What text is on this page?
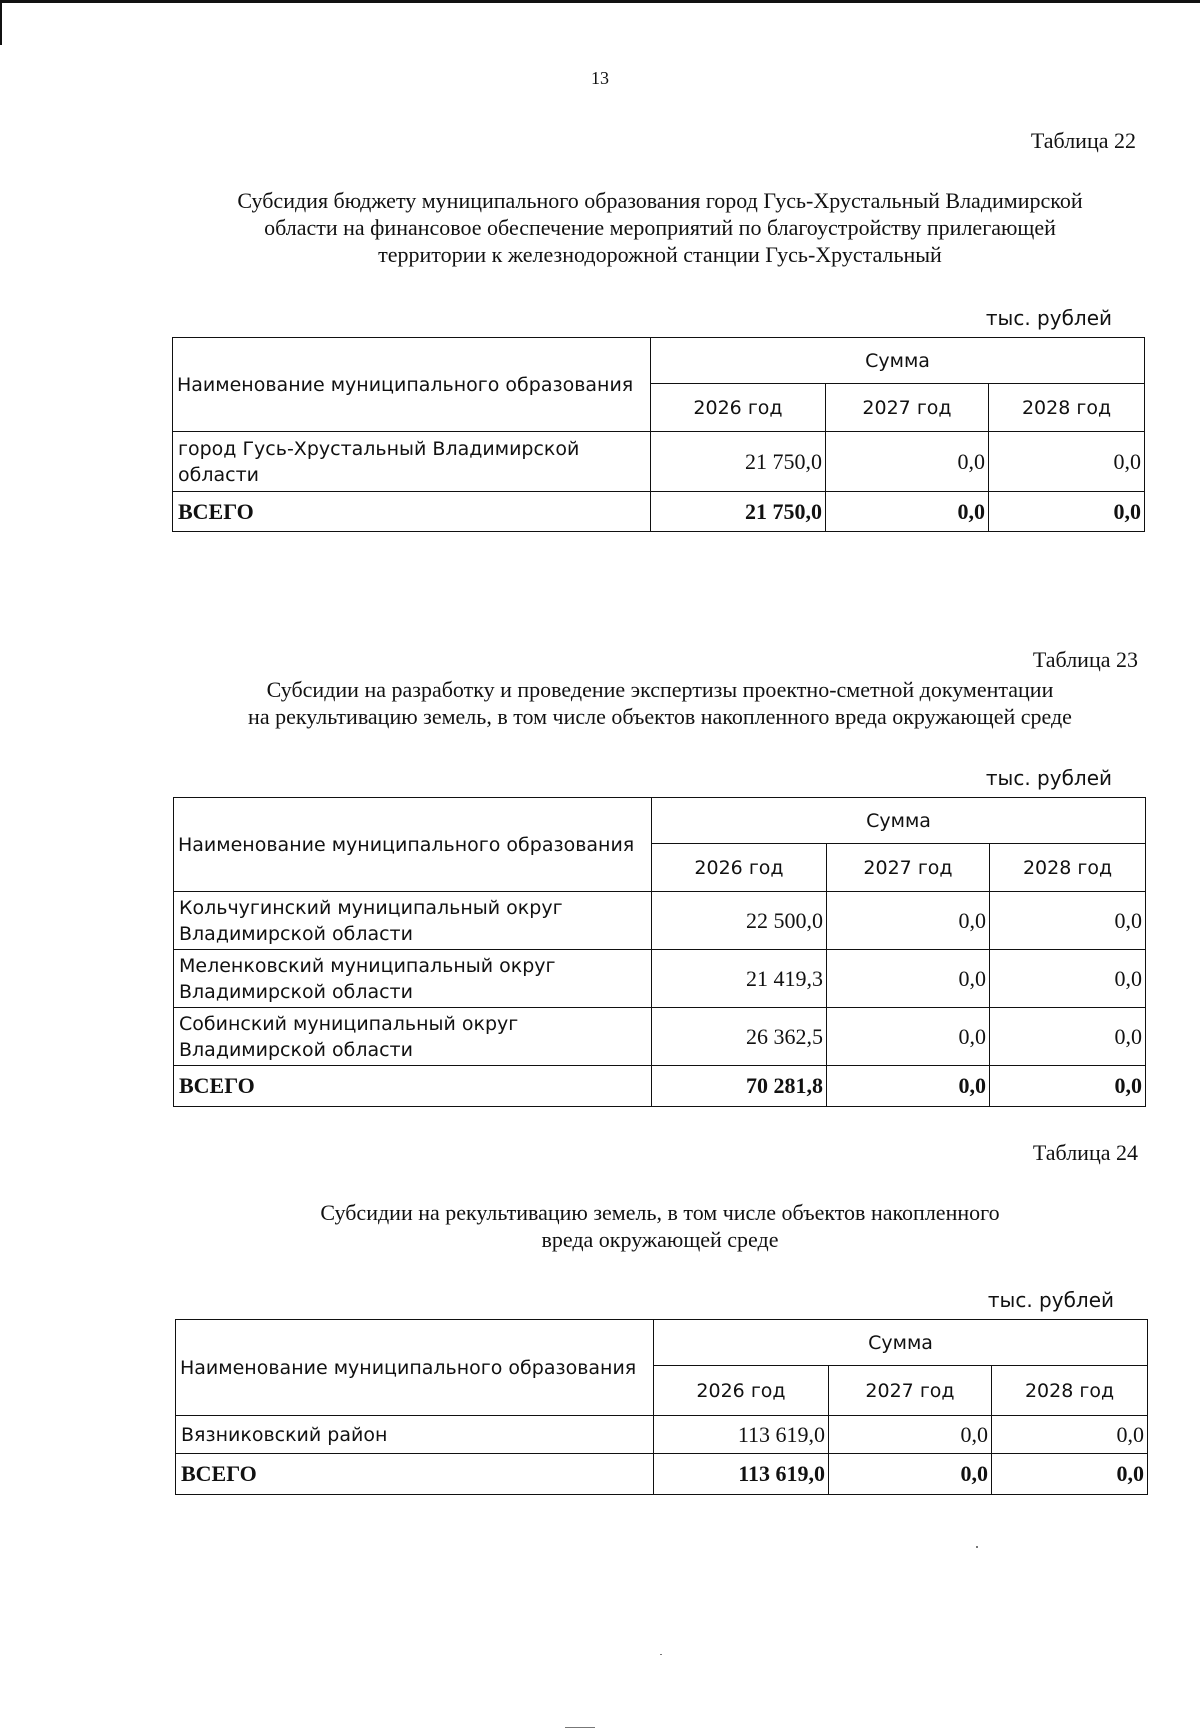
13
Таблица 22
Субсидия бюджету муниципального образования город Гусь-Хрустальный Владимирской
области на финансовое обеспечение мероприятий по благоустройству прилегающей
территории к железнодорожной станции Гусь-Хрустальный
тыс. рублей
Наименование муниципального образования	Сумма		
	2026 год	2027 год	2028 год

город Гусь-Хрустальный Владимирской
области	21 750,0	0,0	0,0
ВСЕГО	21 750,0	0,0	0,0
Таблица 23
Субсидии на разработку и проведение экспертизы проектно-сметной документации
на рекультивацию земель, в том числе объектов накопленного вреда окружающей среде
тыс. рублей
Наименование муниципального образования	Сумма		
	2026 год	2027 год	2028 год

Кольчугинский муниципальный округ
Владимирской области	22 500,0	0,0	0,0

Меленковский муниципальный округ
Владимирской области	21 419,3	0,0	0,0

Собинский муниципальный округ
Владимирской области	26 362,5	0,0	0,0
ВСЕГО	70 281,8	0,0	0,0
Таблица 24
Субсидии на рекультивацию земель, в том числе объектов накопленного
вреда окружающей среде
тыс. рублей
Наименование муниципального образования	Сумма		
	2026 год	2027 год	2028 год

Вязниковский район	113 619,0	0,0	0,0
ВСЕГО	113 619,0	0,0	0,0
